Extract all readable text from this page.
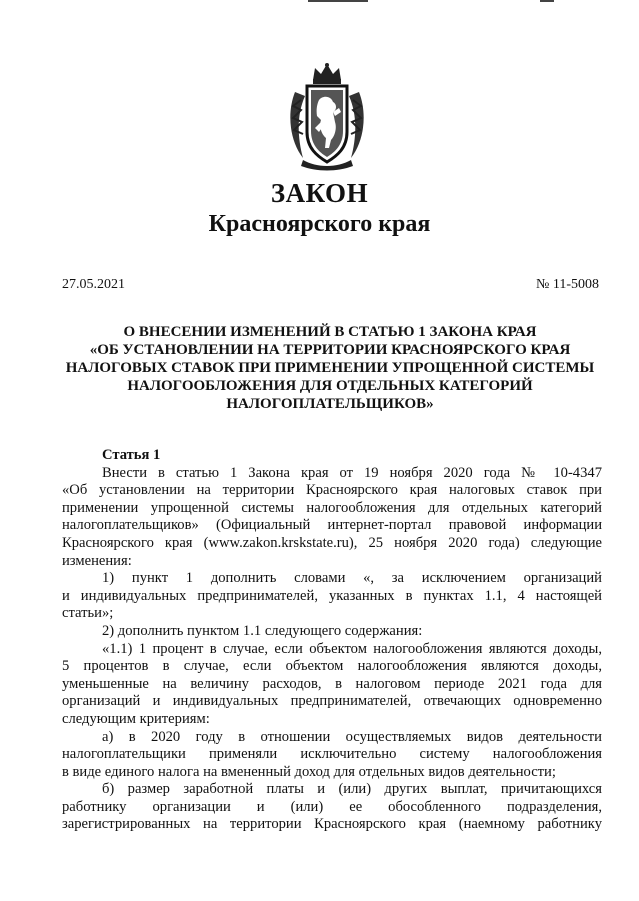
ЗАКОН
Красноярского края
27.05.2021	№ 11-5008
О ВНЕСЕНИИ ИЗМЕНЕНИЙ В СТАТЬЮ 1 ЗАКОНА КРАЯ
«ОБ УСТАНОВЛЕНИИ НА ТЕРРИТОРИИ КРАСНОЯРСКОГО КРАЯ
НАЛОГОВЫХ СТАВОК ПРИ ПРИМЕНЕНИИ УПРОЩЕННОЙ СИСТЕМЫ
НАЛОГООБЛОЖЕНИЯ ДЛЯ ОТДЕЛЬНЫХ КАТЕГОРИЙ
НАЛОГОПЛАТЕЛЬЩИКОВ»
Статья 1
Внести в статью 1 Закона края от 19 ноября 2020 года № 10-4347
«Об установлении на территории Красноярского края налоговых ставок при
применении упрощенной системы налогообложения для отдельных категорий
налогоплательщиков» (Официальный интернет-портал правовой информации
Красноярского края (www.zakon.krskstate.ru), 25 ноября 2020 года) следующие
изменения:
1) пункт 1 дополнить словами «, за исключением организаций
и индивидуальных предпринимателей, указанных в пунктах 1.1, 4 настоящей
статьи»;
2) дополнить пунктом 1.1 следующего содержания:
«1.1) 1 процент в случае, если объектом налогообложения являются доходы,
5 процентов в случае, если объектом налогообложения являются доходы,
уменьшенные на величину расходов, в налоговом периоде 2021 года для
организаций и индивидуальных предпринимателей, отвечающих одновременно
следующим критериям:
а) в 2020 году в отношении осуществляемых видов деятельности
налогоплательщики применяли исключительно систему налогообложения
в виде единого налога на вмененный доход для отдельных видов деятельности;
б) размер заработной платы и (или) других выплат, причитающихся
работнику организации и (или) ее обособленного подразделения,
зарегистрированных на территории Красноярского края (наемному работнику
